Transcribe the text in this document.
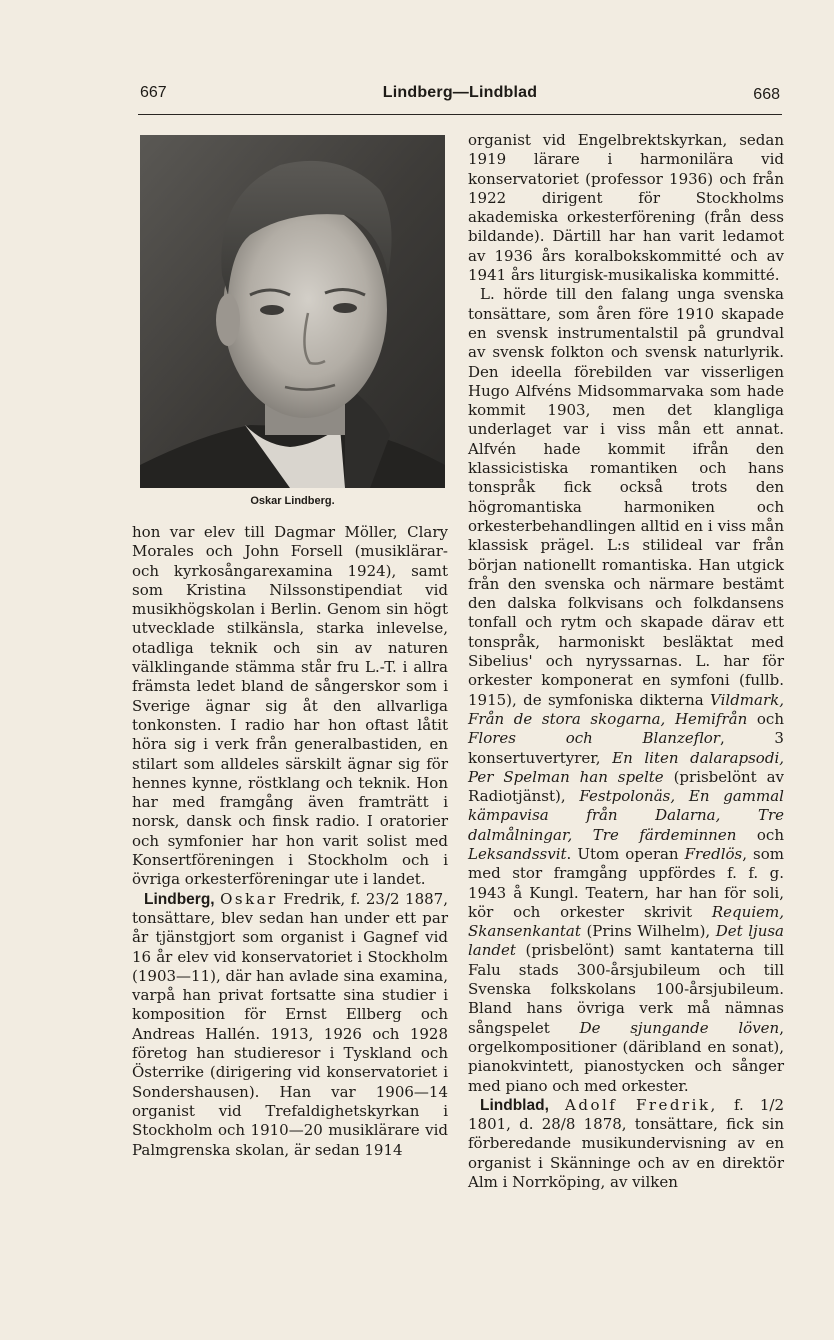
667	Lindberg—Lindblad	668
Oskar Lindberg.

hon var elev till Dagmar Möller, Clary Morales och John Forsell (musiklärar- och kyrkosångarexamina 1924), samt som Kristina Nilssonstipendiat vid musikhögskolan i Berlin. Genom sin högt utvecklade stilkänsla, starka inlevelse, otadliga teknik och sin av naturen välklingande stämma står fru L.-T. i allra främsta ledet bland de sångerskor som i Sverige ägnar sig åt den allvarliga tonkonsten. I radio har hon oftast låtit höra sig i verk från generalbastiden, en stilart som alldeles särskilt ägnar sig för hennes kynne, röstklang och teknik. Hon har med framgång även framträtt i norsk, dansk och finsk radio. I oratorier och symfonier har hon varit solist med Konsertföreningen i Stockholm och i övriga orkesterföreningar ute i landet.

Lindberg, Oskar Fredrik, f. 23/2 1887, tonsättare, blev sedan han under ett par år tjänstgjort som organist i Gagnef vid 16 år elev vid konservatoriet i Stockholm (1903—11), där han avlade sina examina, varpå han privat fortsatte sina studier i komposition för Ernst Ellberg och Andreas Hallén. 1913, 1926 och 1928 företog han studieresor i Tyskland och Österrike (dirigering vid konservatoriet i Sondershausen). Han var 1906—14 organist vid Trefaldighetskyrkan i Stockholm och 1910—20 musiklärare vid Palmgrenska skolan, är sedan 1914

organist vid Engelbrektskyrkan, sedan 1919 lärare i harmonilära vid konservatoriet (professor 1936) och från 1922 dirigent för Stockholms akademiska orkesterförening (från dess bildande). Därtill har han varit ledamot av 1936 års koralbokskommitté och av 1941 års liturgisk-musikaliska kommitté.

L. hörde till den falang unga svenska tonsättare, som åren före 1910 skapade en svensk instrumentalstil på grundval av svensk folkton och svensk naturlyrik. Den ideella förebilden var visserligen Hugo Alfvéns Midsommarvaka som hade kommit 1903, men det klangliga underlaget var i viss mån ett annat. Alfvén hade kommit ifrån den klassicistiska romantiken och hans tonspråk fick också trots den högromantiska harmoniken och orkesterbehandlingen alltid en i viss mån klassisk prägel. L:s stilideal var från början nationellt romantiska. Han utgick från den svenska och närmare bestämt den dalska folkvisans och folkdansens tonfall och rytm och skapade därav ett tonspråk, harmoniskt besläktat med Sibelius' och nyryssarnas. L. har för orkester komponerat en symfoni (fullb. 1915), de symfoniska dikterna Vildmark, Från de stora skogarna, Hemifrån och Flores och Blanzeflor, 3 konsertuvertyrer, En liten dalarapsodi, Per Spelman han spelte (prisbelönt av Radiotjänst), Festpolonäs, En gammal kämpavisa från Dalarna, Tre dalmålningar, Tre färdeminnen och Leksandssvit. Utom operan Fredlös, som med stor framgång uppfördes f. f. g. 1943 å Kungl. Teatern, har han för soli, kör och orkester skrivit Requiem, Skansenkantat (Prins Wilhelm), Det ljusa landet (prisbelönt) samt kantaterna till Falu stads 300-årsjubileum och till Svenska folkskolans 100-årsjubileum. Bland hans övriga verk må nämnas sångspelet De sjungande löven, orgelkompositioner (däribland en sonat), pianokvintett, pianostycken och sånger med piano och med orkester.

Lindblad, Adolf Fredrik, f. 1/2 1801, d. 28/8 1878, tonsättare, fick sin förberedande musikundervisning av en organist i Skänninge och av en direktör Alm i Norrköping, av vilken
